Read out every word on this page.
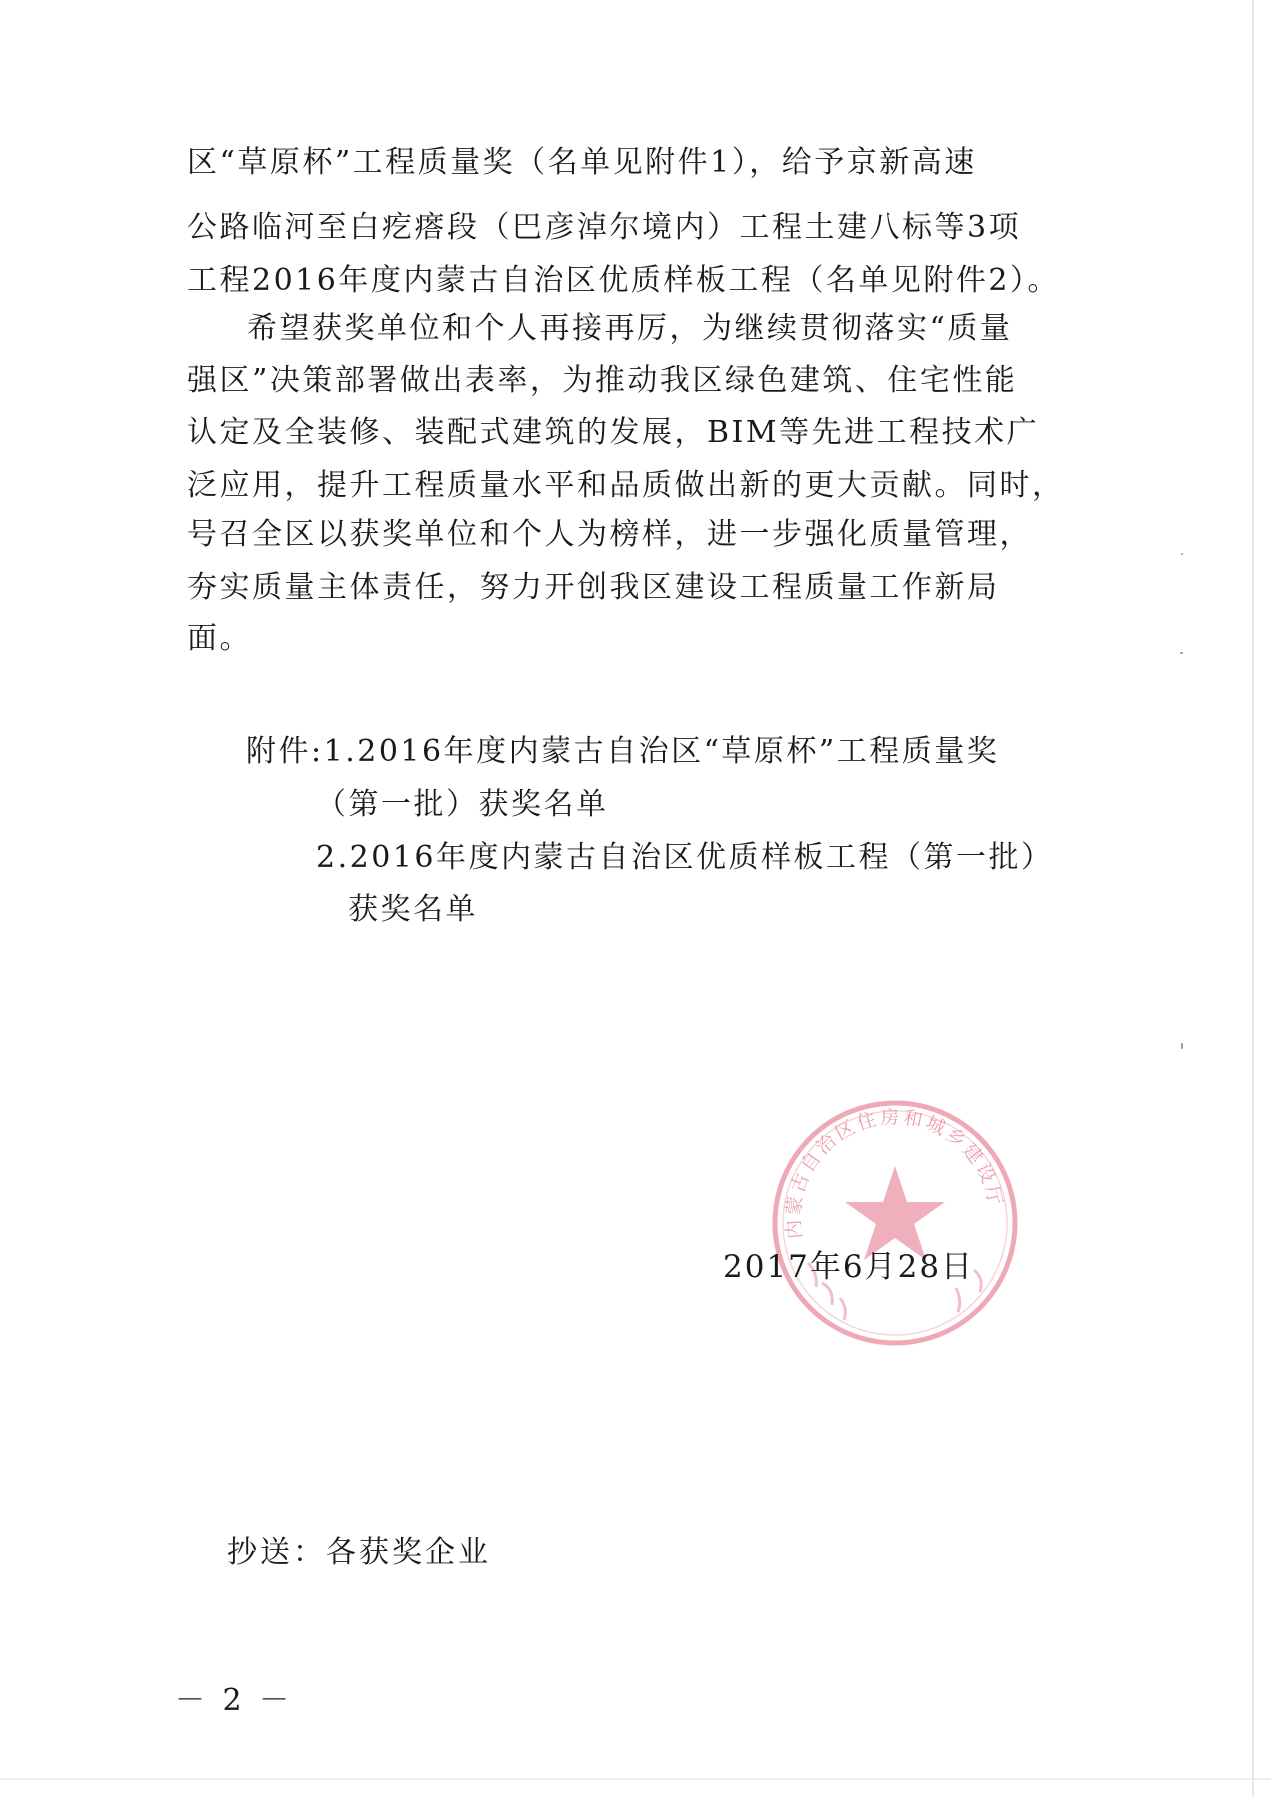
区“草原杯”工程质量奖（名单见附件1），给予京新高速
公路临河至白疙瘩段（巴彦淖尔境内）工程土建八标等3项
工程2016年度内蒙古自治区优质样板工程（名单见附件2）。
希望获奖单位和个人再接再厉，为继续贯彻落实“质量
强区”决策部署做出表率，为推动我区绿色建筑、住宅性能
认定及全装修、装配式建筑的发展，BIM等先进工程技术广
泛应用，提升工程质量水平和品质做出新的更大贡献。同时，
号召全区以获奖单位和个人为榜样，进一步强化质量管理，
夯实质量主体责任，努力开创我区建设工程质量工作新局
面。
附件:1.2016年度内蒙古自治区“草原杯”工程质量奖
（第一批）获奖名单
2.2016年度内蒙古自治区优质样板工程（第一批）
获奖名单
内蒙古自治区住房和城乡建设厅
2017年6月28日
抄送：各获奖企业
－ 2 －
